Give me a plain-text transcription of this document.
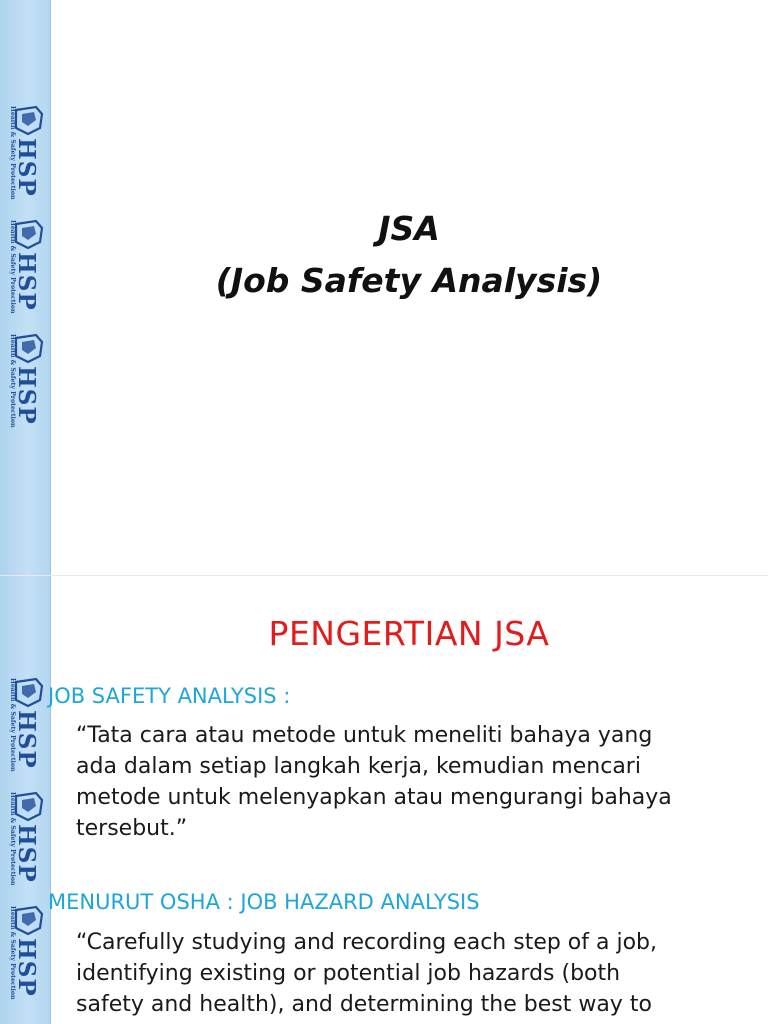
Health & Safety Protection
HSP
Health & Safety Protection
HSP
Health & Safety Protection
HSP
JSA
(Job Safety Analysis)
Health & Safety Protection
HSP
Health & Safety Protection
HSP
Health & Safety Protection
HSP
PENGERTIAN JSA
JOB SAFETY ANALYSIS :
“Tata cara atau metode untuk meneliti bahaya yang
ada dalam setiap langkah kerja, kemudian mencari
metode untuk melenyapkan atau mengurangi bahaya
tersebut.”
MENURUT OSHA : JOB HAZARD ANALYSIS
“Carefully studying and recording each step of a job,
identifying existing or potential job hazards (both
safety and health), and determining the best way to
